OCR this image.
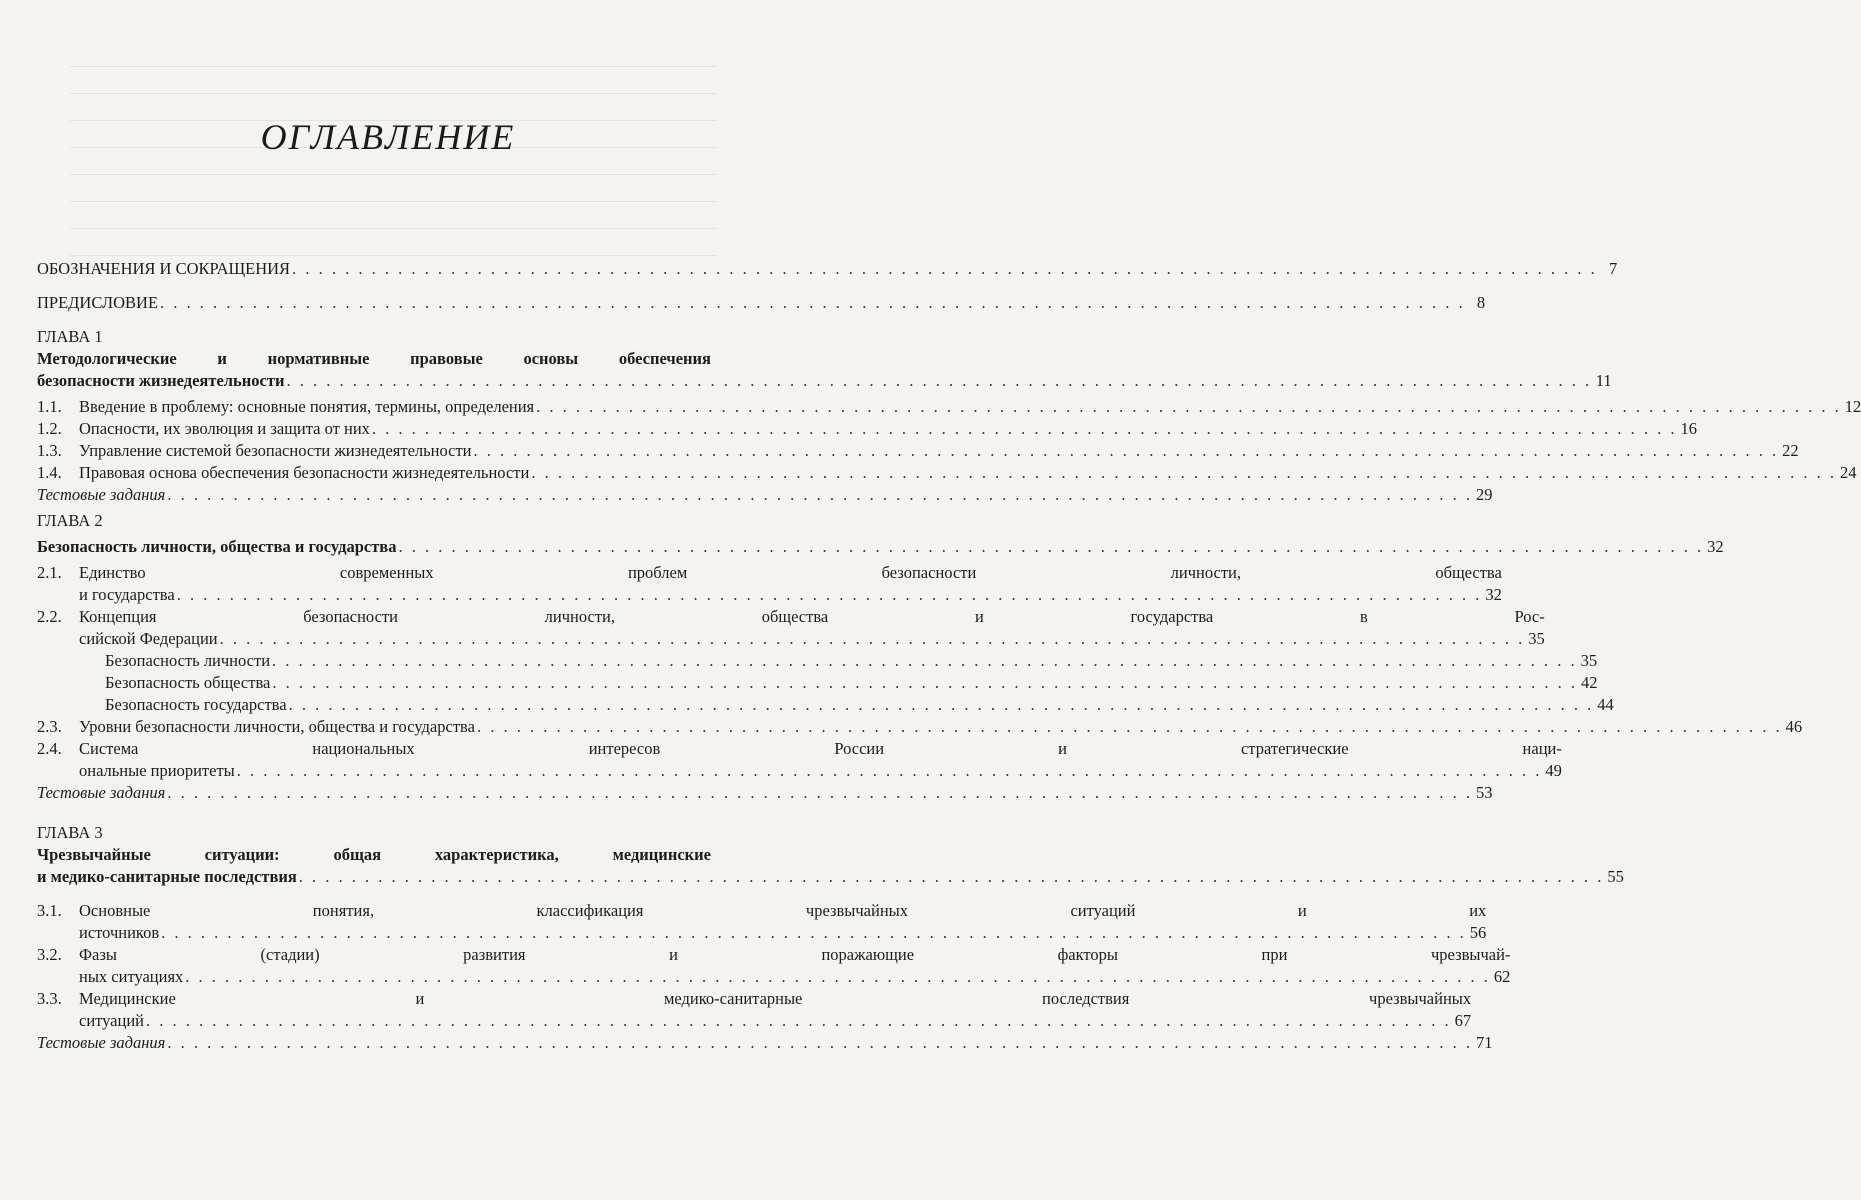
ОГЛАВЛЕНИЕ
ОБОЗНАЧЕНИЯ И СОКРАЩЕНИЯ . . .	7
ПРЕДИСЛОВИЕ . . .	8
ГЛАВА 1
Методологические и нормативные правовые основы обеспечения
безопасности жизнедеятельности . . .	11
1.1. Введение в проблему: основные понятия, термины, определения . . .	12
1.2. Опасности, их эволюция и защита от них . . .	16
1.3. Управление системой безопасности жизнедеятельности . . .	22
1.4. Правовая основа обеспечения безопасности жизнедеятельности . . .	24
Тестовые задания . . .	29
ГЛАВА 2
Безопасность личности, общества и государства . . .	32
2.1.	Единство современных проблем безопасности личности, общества
и государства . . .	32
2.2.	Концепция безопасности личности, общества и государства в Рос-
сийской Федерации . . .	35
Безопасность личности . . .	35
Безопасность общества . . .	42
Безопасность государства . . .	44
2.3. Уровни безопасности личности, общества и государства . . .	46
2.4.	Система национальных интересов России и стратегические наци-
ональные приоритеты . . .	49
Тестовые задания . . .	53
ГЛАВА 3
Чрезвычайные ситуации: общая характеристика, медицинские
и медико-санитарные последствия . . .	55
3.1.	Основные понятия, классификация чрезвычайных ситуаций и их
источников . . .	56
3.2.	Фазы (стадии) развития и поражающие факторы при чрезвычай-
ных ситуациях . . .	62
3.3.	Медицинские и медико-санитарные последствия чрезвычайных
ситуаций . . .	67
Тестовые задания . . .	71
